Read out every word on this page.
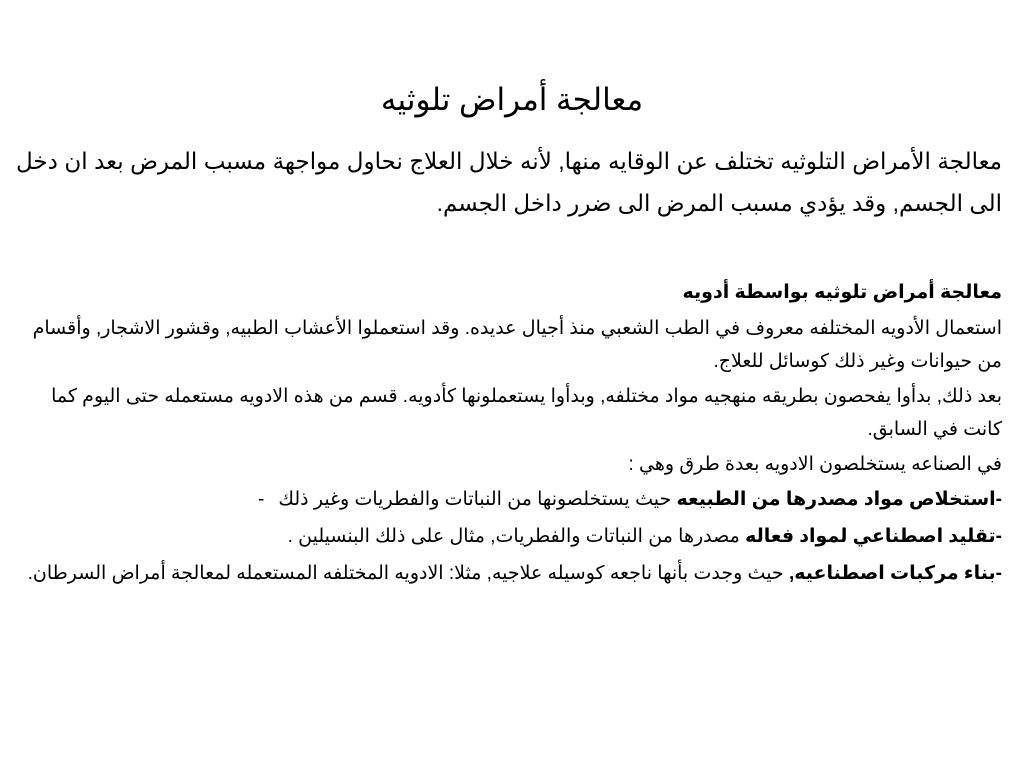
معالجة أمراض تلوثيه

معالجة الأمراض التلوثيه تختلف عن الوقايه منها, لأنه خلال العلاج نحاول مواجهة مسبب المرض بعد ان دخل الى الجسم, وقد يؤدي مسبب المرض الى ضرر داخل الجسم.

معالجة أمراض تلوثيه بواسطة أدويه

استعمال الأدويه المختلفه معروف في الطب الشعبي منذ أجيال عديده. وقد استعملوا الأعشاب الطبيه, وقشور الاشجار, وأقسام من حيوانات وغير ذلك كوسائل للعلاج.

بعد ذلك, بدأوا يفحصون بطريقه منهجيه مواد مختلفه, وبدأوا يستعملونها كأدويه. قسم من هذه الادويه مستعمله حتى اليوم كما كانت في السابق.

في الصناعه يستخلصون الادويه بعدة طرق وهي :

-استخلاص مواد مصدرها من الطبيعه حيث يستخلصونها من النباتات والفطريات وغير ذلك-

-تقليد اصطناعي لمواد فعاله مصدرها من النباتات والفطريات, مثال على ذلك البنسيلين .

-بناء مركبات اصطناعيه, حيث وجدت بأنها ناجعه كوسيله علاجيه, مثلا: الادويه المختلفه المستعمله لمعالجة أمراض السرطان.
